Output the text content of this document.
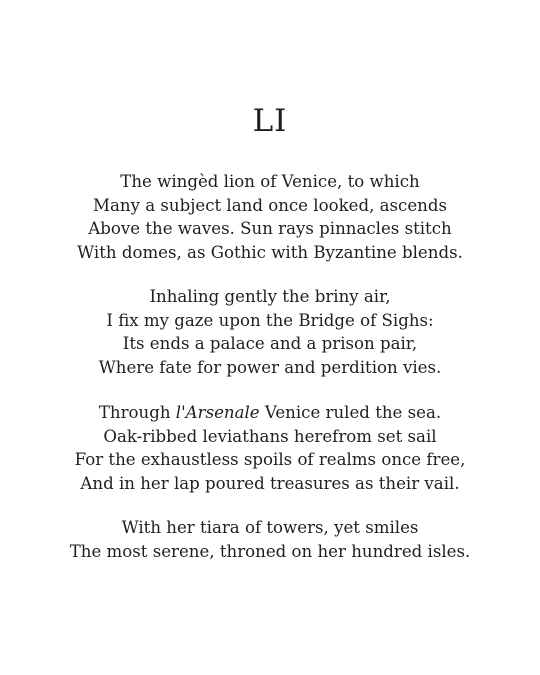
LI
The wingèd lion of Venice, to which
Many a subject land once looked, ascends
Above the waves. Sun rays pinnacles stitch
With domes, as Gothic with Byzantine blends.
Inhaling gently the briny air,
I fix my gaze upon the Bridge of Sighs:
Its ends a palace and a prison pair,
Where fate for power and perdition vies.
Through l'Arsenale Venice ruled the sea.
Oak-ribbed leviathans herefrom set sail
For the exhaustless spoils of realms once free,
And in her lap poured treasures as their vail.
With her tiara of towers, yet smiles
The most serene, throned on her hundred isles.
